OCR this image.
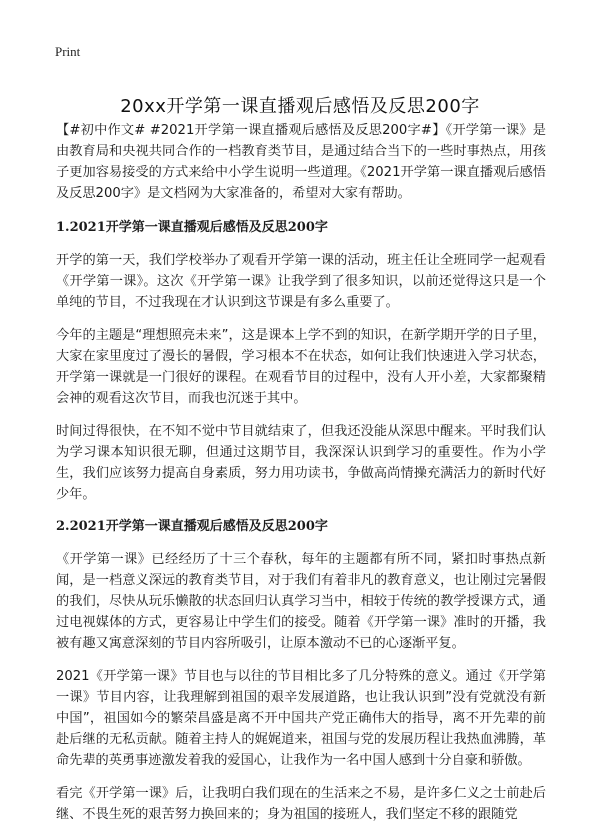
Print
20xx开学第一课直播观后感悟及反思200字

【#初中作文# #2021开学第一课直播观后感悟及反思200字#】《开学第一课》是由教育局和央视共同合作的一档教育类节目，是通过结合当下的一些时事热点，用孩子更加容易接受的方式来给中小学生说明一些道理。《2021开学第一课直播观后感悟及反思200字》是文档网为大家准备的，希望对大家有帮助。

1.2021开学第一课直播观后感悟及反思200字

开学的第一天，我们学校举办了观看开学第一课的活动，班主任让全班同学一起观看《开学第一课》。这次《开学第一课》让我学到了很多知识，以前还觉得这只是一个单纯的节目，不过我现在才认识到这节课是有多么重要了。

今年的主题是“理想照亮未来”，这是课本上学不到的知识，在新学期开学的日子里，大家在家里度过了漫长的暑假，学习根本不在状态，如何让我们快速进入学习状态，开学第一课就是一门很好的课程。在观看节目的过程中，没有人开小差，大家都聚精会神的观看这次节目，而我也沉迷于其中。

时间过得很快，在不知不觉中节目就结束了，但我还没能从深思中醒来。平时我们认为学习课本知识很无聊，但通过这期节目，我深深认识到学习的重要性。作为小学生，我们应该努力提高自身素质，努力用功读书，争做高尚情操充满活力的新时代好少年。

2.2021开学第一课直播观后感悟及反思200字

《开学第一课》已经经历了十三个春秋，每年的主题都有所不同，紧扣时事热点新闻，是一档意义深远的教育类节目，对于我们有着非凡的教育意义，也让刚过完暑假的我们，尽快从玩乐懒散的状态回归认真学习当中，相较于传统的教学授课方式，通过电视媒体的方式，更容易让中学生们的接受。随着《开学第一课》准时的开播，我被有趣又寓意深刻的节目内容所吸引，让原本激动不已的心逐渐平复。

2021《开学第一课》节目也与以往的节目相比多了几分特殊的意义。通过《开学第一课》节目内容，让我理解到祖国的艰辛发展道路，也让我认识到”没有党就没有新中国”，祖国如今的繁荣昌盛是离不开中国共产党正确伟大的指导，离不开先辈的前赴后继的无私贡献。随着主持人的娓娓道来，祖国与党的发展历程让我热血沸腾，革命先辈的英勇事迹激发着我的爱国心，让我作为一名中国人感到十分自豪和骄傲。

看完《开学第一课》后，让我明白我们现在的生活来之不易，是许多仁义之士前赴后继、不畏生死的艰苦努力换回来的；身为祖国的接班人，我们坚定不移的跟随党
